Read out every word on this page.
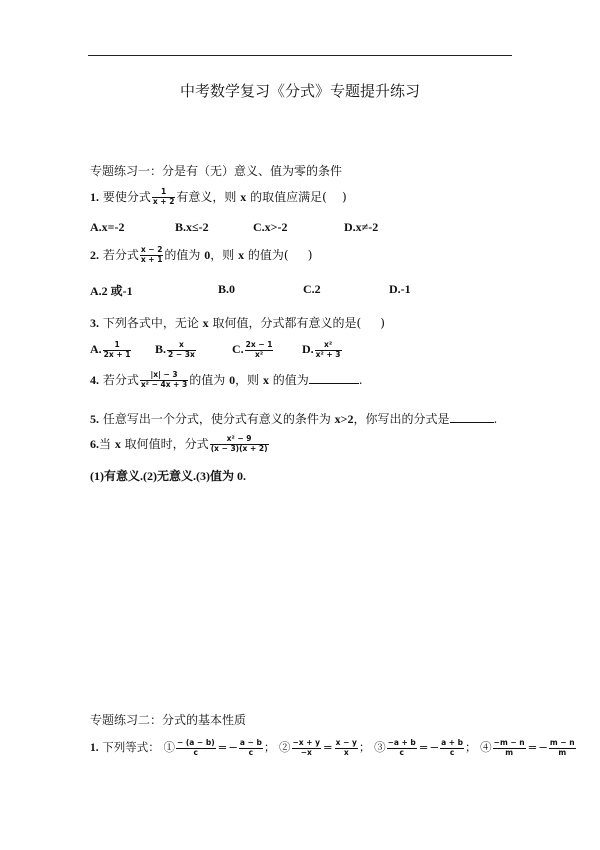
中考数学复习《分式》专题提升练习
专题练习一：分是有（无）意义、值为零的条件
1. 要使分式 $\frac{1}{x + 2}$ 有意义，则 x 的取值应满足( )
A.x=-2	B.x≤-2	C.x>-2	D.x≠-2
2. 若分式 $\frac{x - 2}{x + 1}$ 的值为 0，则 x 的值为( )
A.2 或-1	B.0	C.2	D.-1
3. 下列各式中，无论 x 取何值，分式都有意义的是( )
A. $\frac{1}{2x + 1} B$. $\frac{x}{2 - 3x}$	C. $\frac{2x - 1}{\text{x²}} D$. $\frac{\text{x²}}{\text{x² + 3}}$
4. 若分式 $\frac{|x| - 3}{\text{x² − 4x + 3}}$ 的值为 0，则 x 的值为	.
5. 任意写出一个分式，使分式有意义的条件为 x>2，你写出的分式是	.
6.当 x 取何值时，分式 $\frac{\text{x² − 9}}{(x - 3)(x + 2)}$
(1)有意义.(2)无意义.(3)值为 0.
专题练习二：分式的基本性质
1. 下列等式： ① $\frac{- (a - b)}{c} =- \frac{a - b}{c}$ ； ② $\frac{-x + y}{-x} = \frac{x - y}{x}$ ； ③ $\frac{-a + b}{c} =- \frac{a + b}{c}$ ； ④ $\frac{-m - n}{m} =- \frac{m - n}{m}$
